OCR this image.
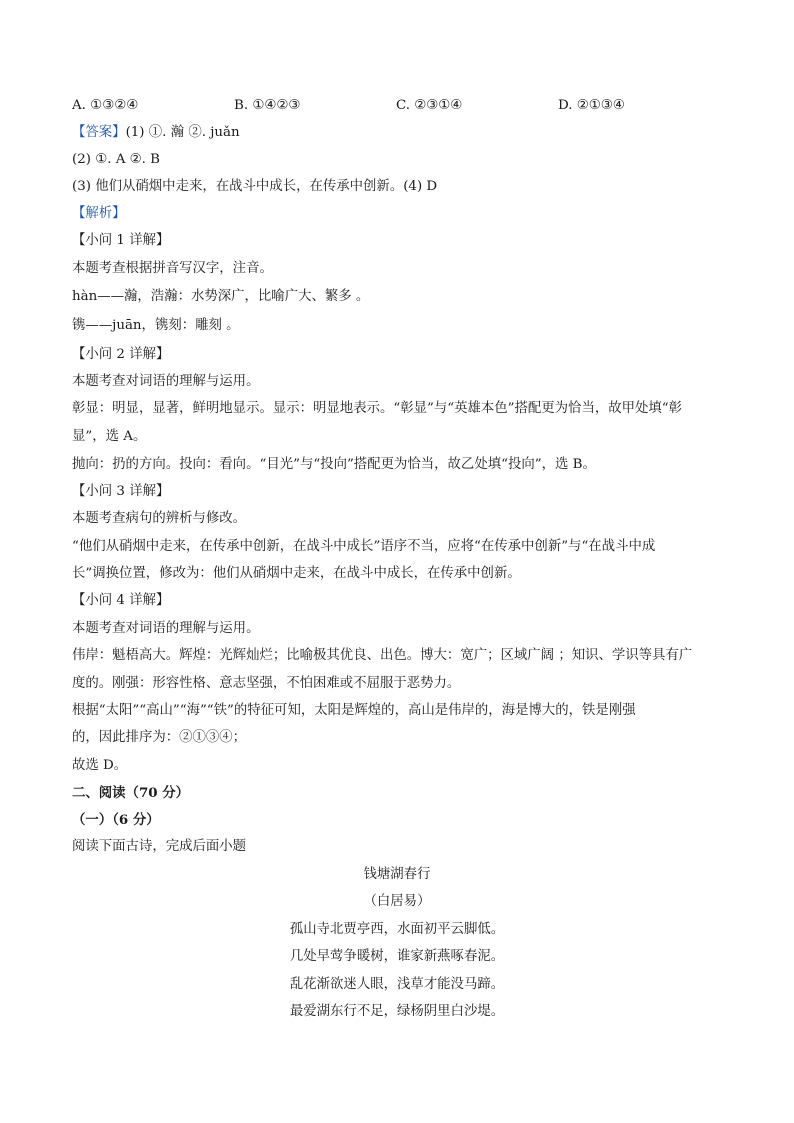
A. ①③②④	B. ①④②③	C. ②③①④	D. ②①③④
【答案】(1) ①. 瀚 ②. juǎn
(2) ①. A ②. B
(3) 他们从硝烟中走来，在战斗中成长，在传承中创新。(4) D
【解析】
【小问 1 详解】
本题考查根据拼音写汉字，注音。
hàn——瀚，浩瀚：水势深广，比喻广大、繁多 。
镌——juān，镌刻：雕刻 。
【小问 2 详解】
本题考查对词语的理解与运用。
彰显：明显，显著，鲜明地显示。显示：明显地表示。“彰显”与“英雄本色”搭配更为恰当，故甲处填“彰
显”，选 A。
抛向：扔的方向。投向：看向。“目光”与“投向”搭配更为恰当，故乙处填“投向”，选 B。
【小问 3 详解】
本题考查病句的辨析与修改。
“他们从硝烟中走来，在传承中创新，在战斗中成长”语序不当，应将“在传承中创新”与“在战斗中成
长”调换位置，修改为：他们从硝烟中走来，在战斗中成长，在传承中创新。
【小问 4 详解】
本题考查对词语的理解与运用。
伟岸：魁梧高大。辉煌：光辉灿烂；比喻极其优良、出色。博大：宽广；区域广阔 ；知识、学识等具有广
度的。刚强：形容性格、意志坚强，不怕困难或不屈服于恶势力。
根据“太阳”“高山”“海”“铁”的特征可知，太阳是辉煌的，高山是伟岸的，海是博大的，铁是刚强
的，因此排序为：②①③④；
故选 D。
二、阅读（70 分）
（一）（6 分）
阅读下面古诗，完成后面小题
钱塘湖春行
（白居易）
孤山寺北贾亭西，水面初平云脚低。
几处早莺争暖树，谁家新燕啄春泥。
乱花渐欲迷人眼，浅草才能没马蹄。
最爱湖东行不足，绿杨阴里白沙堤。
